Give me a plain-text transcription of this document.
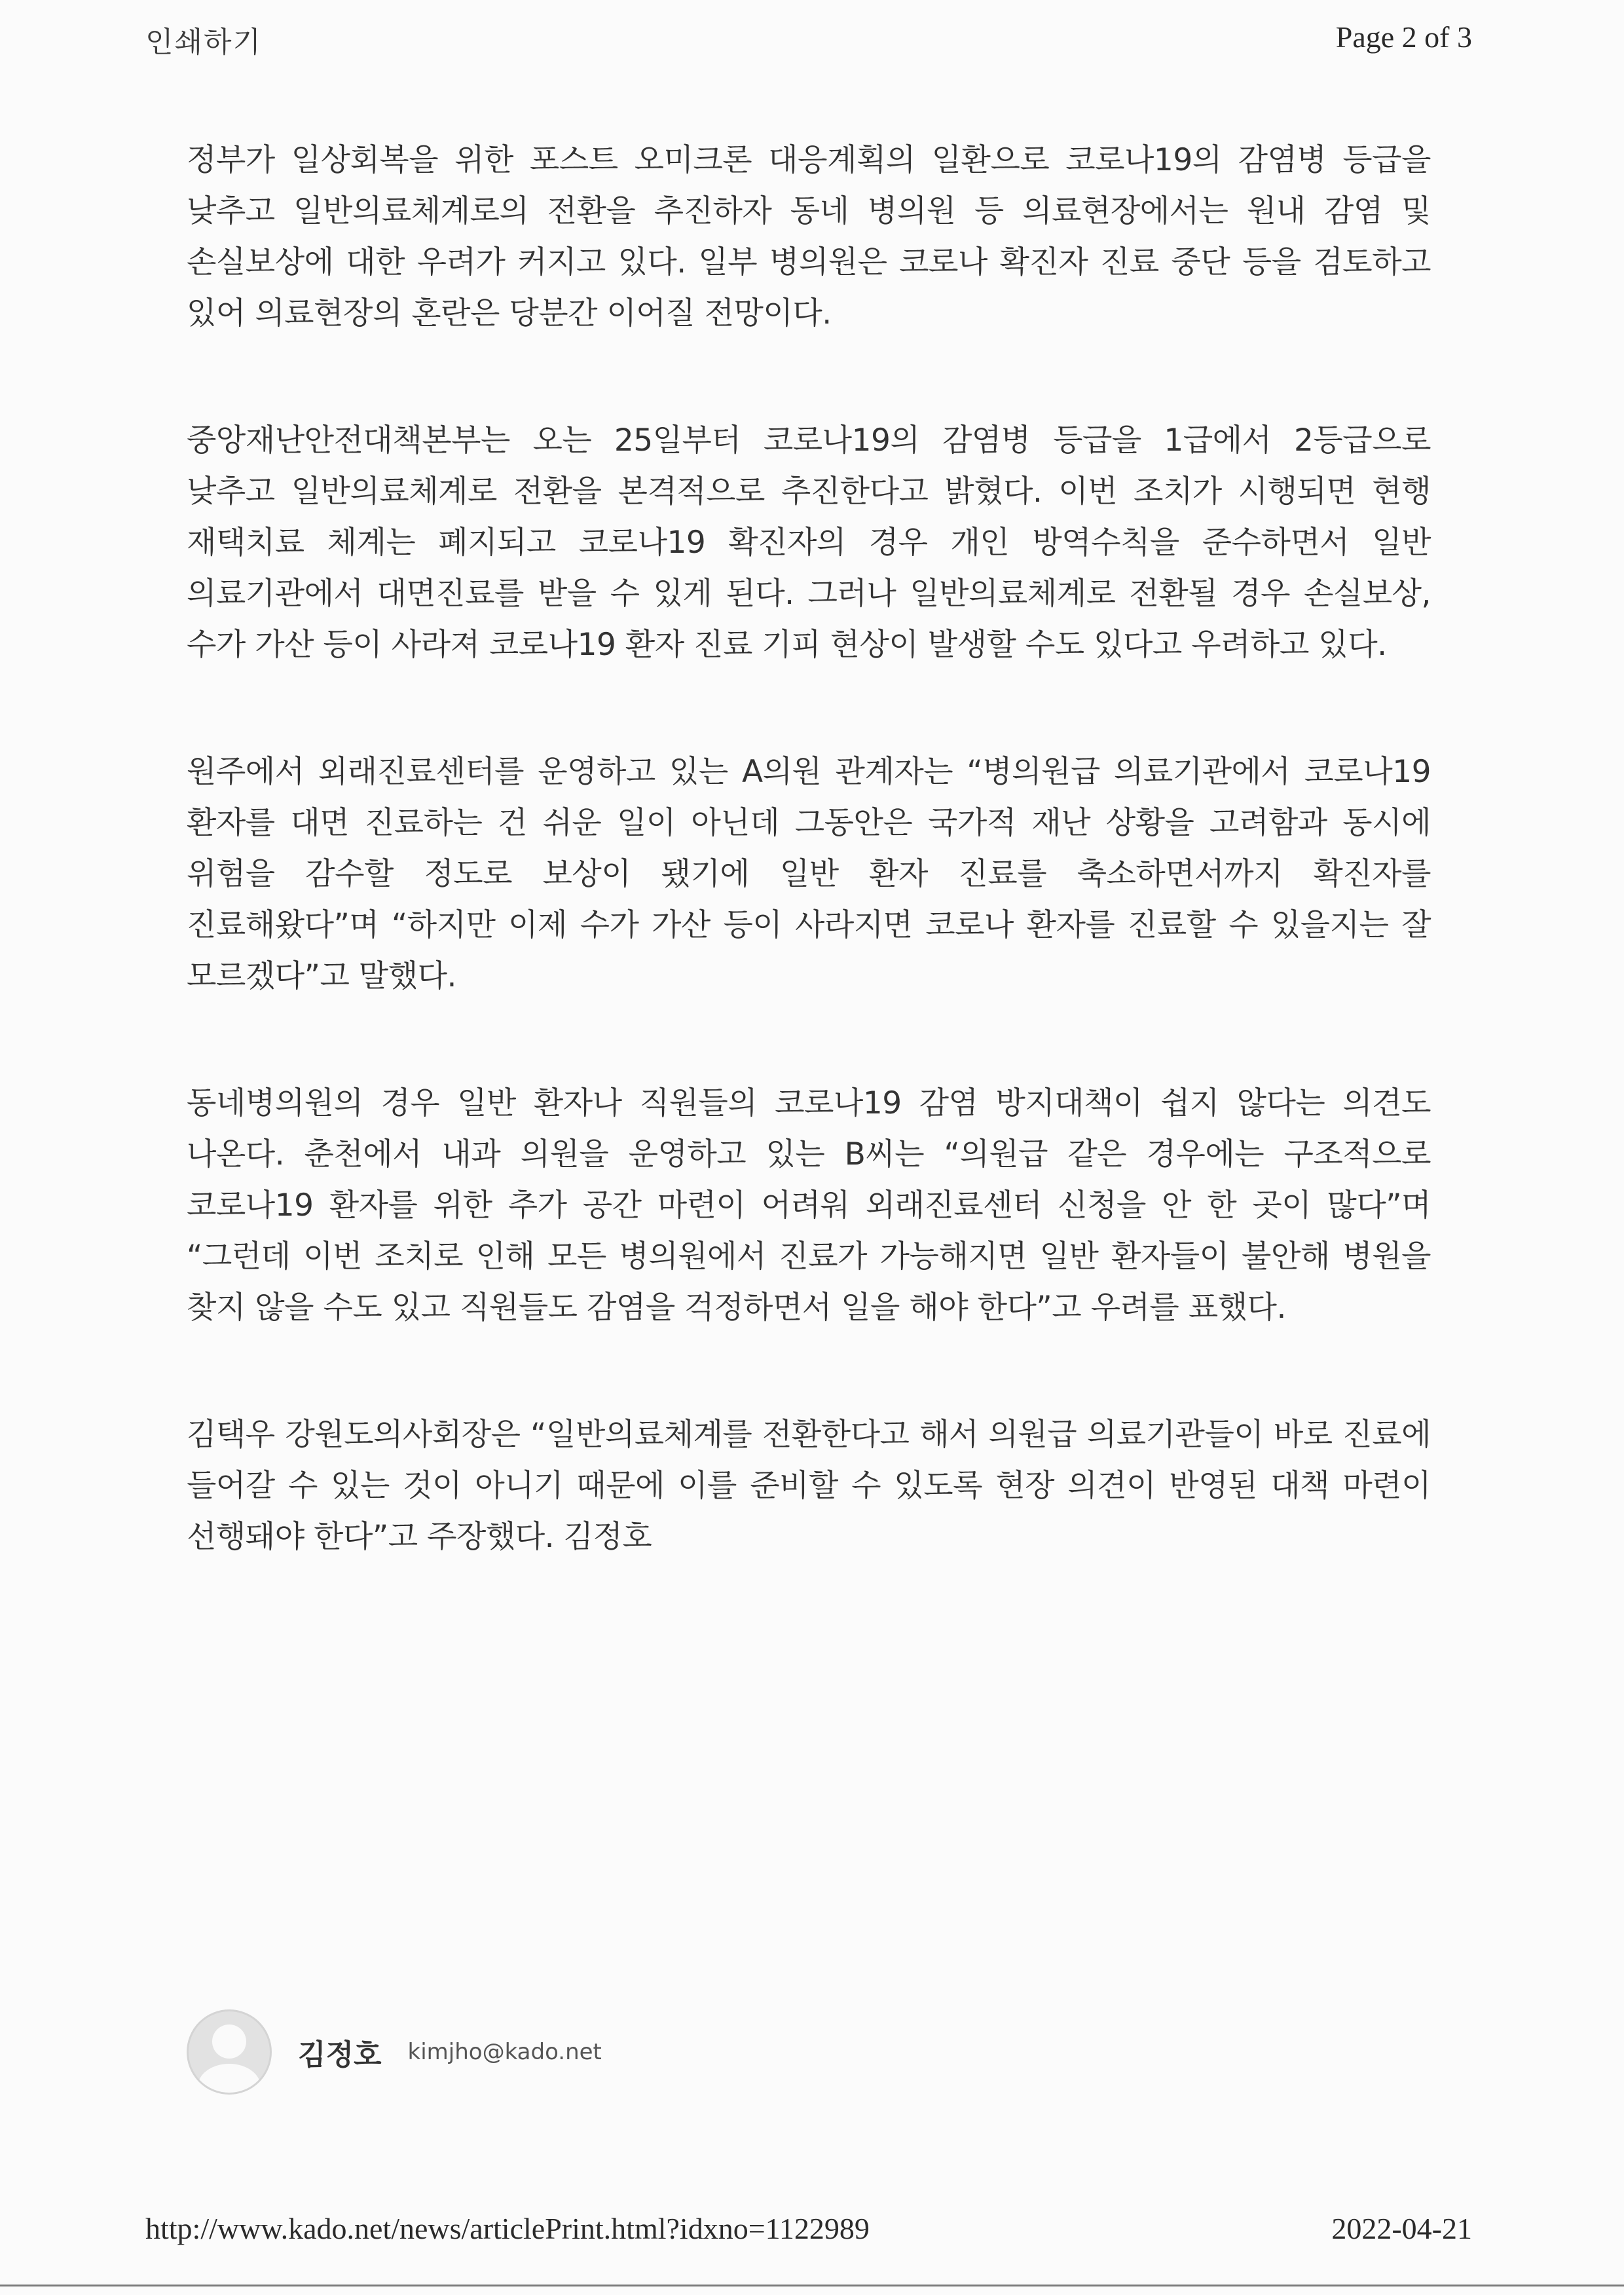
인쇄하기	Page 2 of 3

정부가 일상회복을 위한 포스트 오미크론 대응계획의 일환으로 코로나19의 감염병 등급을 낮추고 일반의료체계로의 전환을 추진하자 동네 병의원 등 의료현장에서는 원내 감염 및 손실보상에 대한 우려가 커지고 있다. 일부 병의원은 코로나 확진자 진료 중단 등을 검토하고 있어 의료현장의 혼란은 당분간 이어질 전망이다.

중앙재난안전대책본부는 오는 25일부터 코로나19의 감염병 등급을 1급에서 2등급으로 낮추고 일반의료체계로 전환을 본격적으로 추진한다고 밝혔다. 이번 조치가 시행되면 현행 재택치료 체계는 폐지되고 코로나19 확진자의 경우 개인 방역수칙을 준수하면서 일반 의료기관에서 대면진료를 받을 수 있게 된다. 그러나 일반의료체계로 전환될 경우 손실보상, 수가 가산 등이 사라져 코로나19 환자 진료 기피 현상이 발생할 수도 있다고 우려하고 있다.

원주에서 외래진료센터를 운영하고 있는 A의원 관계자는 “병의원급 의료기관에서 코로나19 환자를 대면 진료하는 건 쉬운 일이 아닌데 그동안은 국가적 재난 상황을 고려함과 동시에 위험을 감수할 정도로 보상이 됐기에 일반 환자 진료를 축소하면서까지 확진자를 진료해왔다”며 “하지만 이제 수가 가산 등이 사라지면 코로나 환자를 진료할 수 있을지는 잘 모르겠다”고 말했다.

동네병의원의 경우 일반 환자나 직원들의 코로나19 감염 방지대책이 쉽지 않다는 의견도 나온다. 춘천에서 내과 의원을 운영하고 있는 B씨는 “의원급 같은 경우에는 구조적으로 코로나19 환자를 위한 추가 공간 마련이 어려워 외래진료센터 신청을 안 한 곳이 많다”며 “그런데 이번 조치로 인해 모든 병의원에서 진료가 가능해지면 일반 환자들이 불안해 병원을 찾지 않을 수도 있고 직원들도 감염을 걱정하면서 일을 해야 한다”고 우려를 표했다.

김택우 강원도의사회장은 “일반의료체계를 전환한다고 해서 의원급 의료기관들이 바로 진료에 들어갈 수 있는 것이 아니기 때문에 이를 준비할 수 있도록 현장 의견이 반영된 대책 마련이 선행돼야 한다”고 주장했다. 김정호

김정호 kimjho@kado.net
http://www.kado.net/news/articlePrint.html?idxno=1122989	2022-04-21
